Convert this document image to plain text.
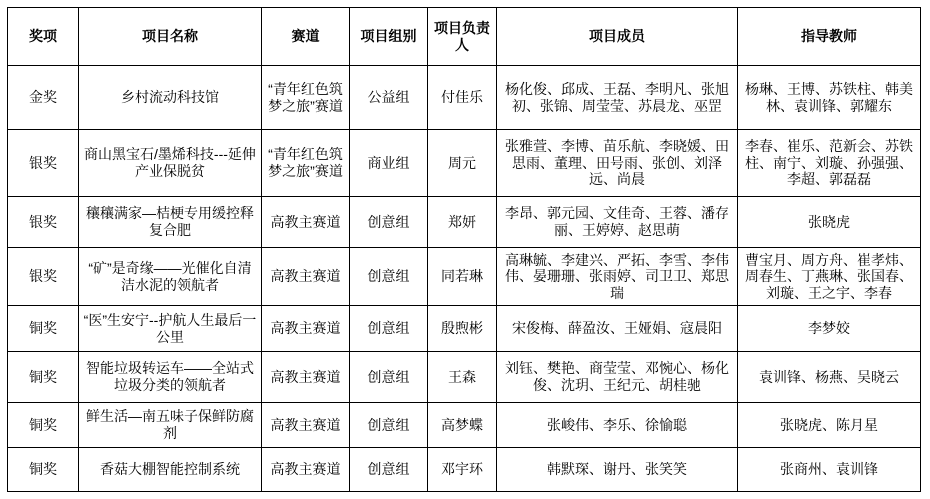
奖项	项目名称	赛道	项目组别	项目负责人	项目成员	指导教师
金奖	乡村流动科技馆	“青年红色筑梦之旅”赛道	公益组	付佳乐	杨化俊、邱成、王磊、李明凡、张旭初、张锦、周莹莹、苏晨龙、巫罡	杨琳、王博、苏铁柱、韩美林、袁训锋、郭耀东
银奖	商山黑宝石/墨烯科技---延伸产业保脱贫	“青年红色筑梦之旅”赛道	商业组	周元	张雅萱、李博、苗乐航、李晓媛、田思雨、董理、田号雨、张创、刘泽远、尚晨	李春、崔乐、范新会、苏铁柱、南宁、刘璇、孙强强、李超、郭磊磊
银奖	穰穰满家—桔梗专用缓控释复合肥	高教主赛道	创意组	郑妍	李昂、郭元园、文佳奇、王蓉、潘存丽、王婷婷、赵思萌	张晓虎
银奖	“矿”是奇缘——光催化自清洁水泥的领航者	高教主赛道	创意组	同若琳	高琳毓、李建兴、严拓、李雪、李伟伟、晏珊珊、张雨婷、司卫卫、郑思瑞	曹宝月、周方舟、崔孝炜、周春生、丁燕琳、张国春、刘璇、王之宇、李春
铜奖	“医”生安宁--护航人生最后一公里	高教主赛道	创意组	殷煦彬	宋俊梅、薛盈汝、王娅娟、寇晨阳	李梦姣
铜奖	智能垃圾转运车——全站式垃圾分类的领航者	高教主赛道	创意组	王森	刘钰、樊艳、商莹莹、邓惋心、杨化俊、沈玥、王纪元、胡桂驰	袁训锋、杨燕、吴晓云
铜奖	鲜生活—南五味子保鲜防腐剂	高教主赛道	创意组	高梦蝶	张峻伟、李乐、徐愉聪	张晓虎、陈月星
铜奖	香菇大棚智能控制系统	高教主赛道	创意组	邓宇环	韩默琛、谢丹、张笑笑	张商州、袁训锋
